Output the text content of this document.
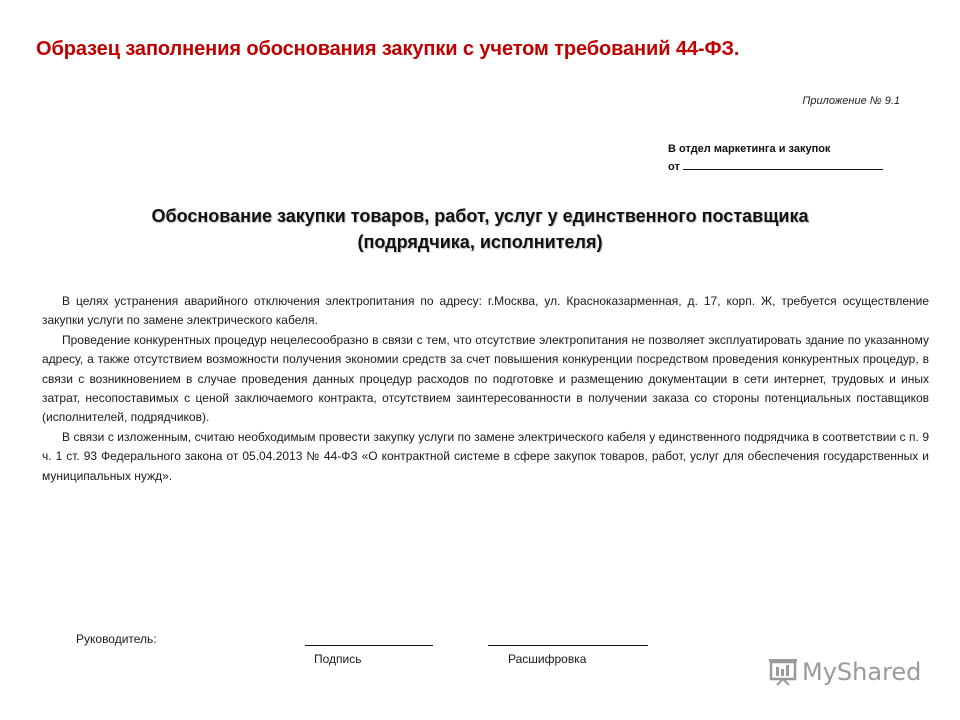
Образец заполнения обоснования закупки с учетом требований 44-ФЗ.
Приложение № 9.1
В отдел маркетинга и закупок
от
Обоснование закупки товаров, работ, услуг у единственного поставщика
(подрядчика, исполнителя)

В целях устранения аварийного отключения электропитания по адресу: г.Москва, ул. Красноказарменная, д. 17, корп. Ж, требуется осуществление закупки услуги по замене электрического кабеля.

Проведение конкурентных процедур нецелесообразно в связи с тем, что отсутствие электропитания не позволяет эксплуатировать здание по указанному адресу, а также отсутствием возможности получения экономии средств за счет повышения конкуренции посредством проведения конкурентных процедур, в связи с возникновением в случае проведения данных процедур расходов по подготовке и размещению документации в сети интернет, трудовых и иных затрат, несопоставимых с ценой заключаемого контракта, отсутствием заинтересованности в получении заказа со стороны потенциальных поставщиков (исполнителей, подрядчиков).

В связи с изложенным, считаю необходимым провести закупку услуги по замене электрического кабеля у единственного подрядчика в соответствии с п. 9 ч. 1 ст. 93 Федерального закона от 05.04.2013 № 44-ФЗ «О контрактной системе в сфере закупок товаров, работ, услуг для обеспечения государственных и муниципальных нужд».

Руководитель:
Подпись	Расшифровка	MyShared
